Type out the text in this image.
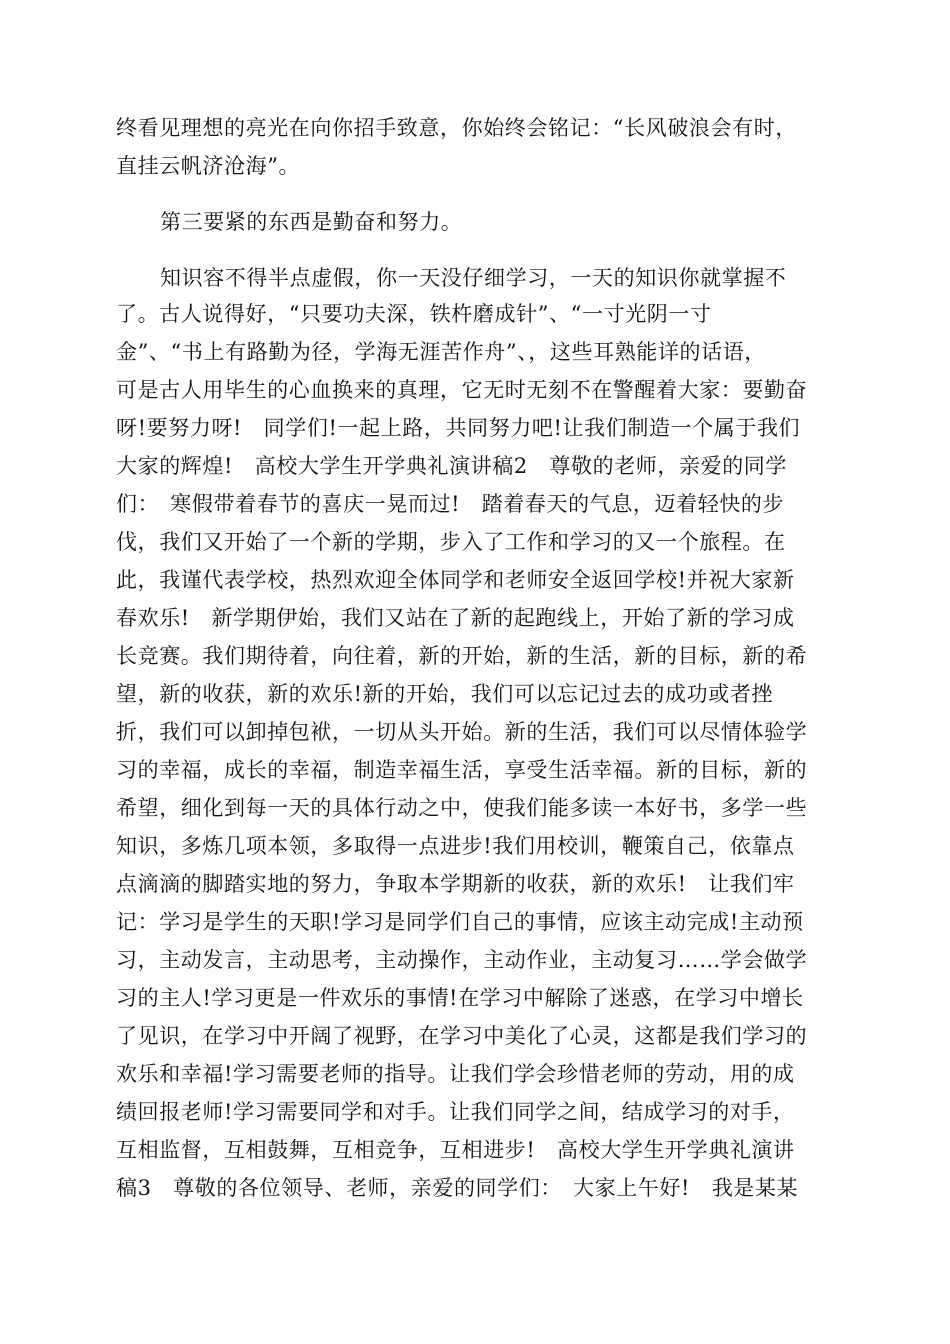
终看见理想的亮光在向你招手致意，你始终会铭记：“长风破浪会有时，
直挂云帆济沧海”。
第三要紧的东西是勤奋和努力。
知识容不得半点虚假，你一天没仔细学习，一天的知识你就掌握不
了。古人说得好，“只要功夫深，铁杵磨成针”、“一寸光阴一寸
金”、“书上有路勤为径，学海无涯苦作舟”、，这些耳熟能详的话语，
可是古人用毕生的心血换来的真理，它无时无刻不在警醒着大家：要勤奋
呀!要努力呀!　同学们!一起上路，共同努力吧!让我们制造一个属于我们
大家的辉煌!　高校大学生开学典礼演讲稿2　尊敬的老师，亲爱的同学
们：　寒假带着春节的喜庆一晃而过!　踏着春天的气息，迈着轻快的步
伐，我们又开始了一个新的学期，步入了工作和学习的又一个旅程。在
此，我谨代表学校，热烈欢迎全体同学和老师安全返回学校!并祝大家新
春欢乐!　新学期伊始，我们又站在了新的起跑线上，开始了新的学习成
长竞赛。我们期待着，向往着，新的开始，新的生活，新的目标，新的希
望，新的收获，新的欢乐!新的开始，我们可以忘记过去的成功或者挫
折，我们可以卸掉包袱，一切从头开始。新的生活，我们可以尽情体验学
习的幸福，成长的幸福，制造幸福生活，享受生活幸福。新的目标，新的
希望，细化到每一天的具体行动之中，使我们能多读一本好书，多学一些
知识，多炼几项本领，多取得一点进步!我们用校训，鞭策自己，依靠点
点滴滴的脚踏实地的努力，争取本学期新的收获，新的欢乐!　让我们牢
记：学习是学生的天职!学习是同学们自己的事情，应该主动完成!主动预
习，主动发言，主动思考，主动操作，主动作业，主动复习……学会做学
习的主人!学习更是一件欢乐的事情!在学习中解除了迷惑，在学习中增长
了见识，在学习中开阔了视野，在学习中美化了心灵，这都是我们学习的
欢乐和幸福!学习需要老师的指导。让我们学会珍惜老师的劳动，用的成
绩回报老师!学习需要同学和对手。让我们同学之间，结成学习的对手，
互相监督，互相鼓舞，互相竞争，互相进步!　高校大学生开学典礼演讲
稿3　尊敬的各位领导、老师，亲爱的同学们：　大家上午好!　我是某某
